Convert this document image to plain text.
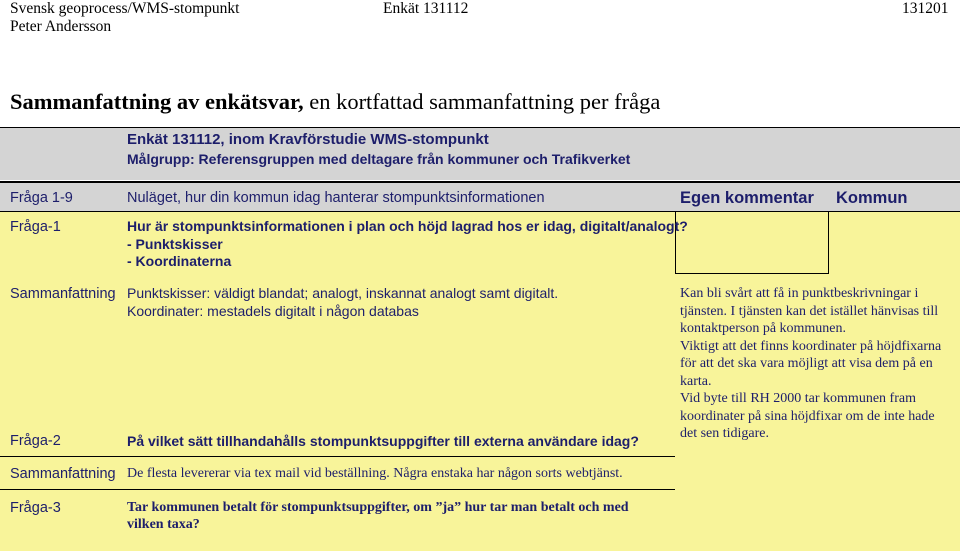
Svensk geoprocess/WMS-stompunkt
Peter Andersson
Enkät 131112	131201
Sammanfattning av enkätsvar, en kortfattad sammanfattning per fråga
Enkät 131112, inom Kravförstudie WMS-stompunkt
Målgrupp: Referensgruppen med deltagare från kommuner och Trafikverket
Fråga 1-9	Nuläget, hur din kommun idag hanterar stompunktsinformationen	Egen kommentar Kommun
Fråga-1	Hur är stompunktsinformationen i plan och höjd lagrad hos er idag, digitalt/analogt?
- Punktskisser
- Koordinaterna
Sammanfattning Punktskisser: väldigt blandat; analogt, inskannat analogt samt digitalt.
Koordinater: mestadels digitalt i någon databas
Kan bli svårt att få in punktbeskrivningar i
tjänsten. I tjänsten kan det istället hänvisas till
kontaktperson på kommunen.
Viktigt att det finns koordinater på höjdfixarna
för att det ska vara möjligt att visa dem på en
karta.
Vid byte till RH 2000 tar kommunen fram
koordinater på sina höjdfixar om de inte hade
det sen tidigare.
Fråga-2	På vilket sätt tillhandahålls stompunktsuppgifter till externa användare idag?
Sammanfattning De flesta levererar via tex mail vid beställning. Några enstaka har någon sorts webtjänst.
Fråga-3	Tar kommunen betalt för stompunktsuppgifter, om ”ja” hur tar man betalt och med
vilken taxa?
